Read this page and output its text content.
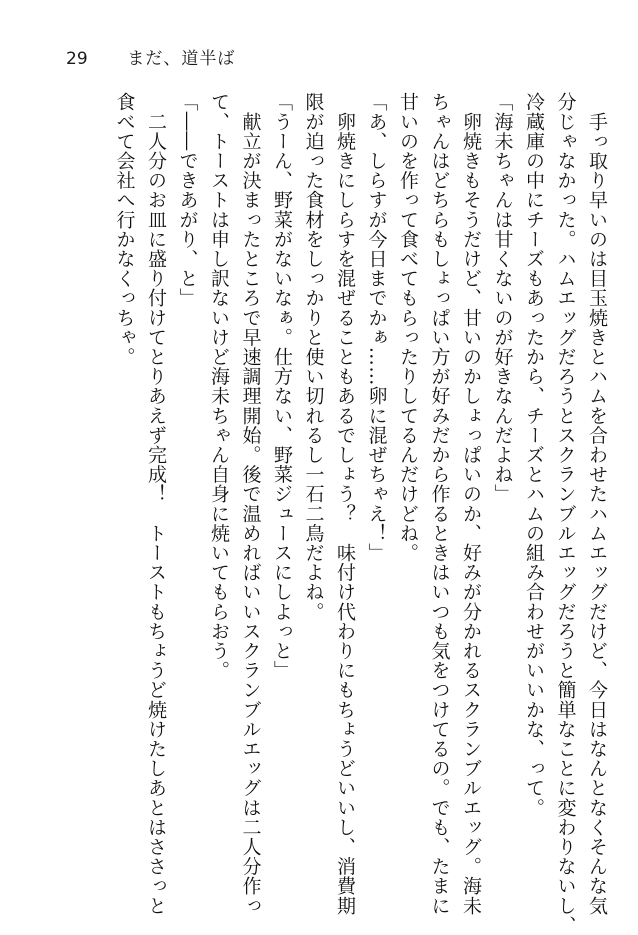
29 まだ、道半ば
　手っ取り早いのは目玉焼きとハムを合わせたハムエッグだけど、今日はなんとなくそんな気
分じゃなかった。ハムエッグだろうとスクランブルエッグだろうと簡単なことに変わりないし、
冷蔵庫の中にチーズもあったから、チーズとハムの組み合わせがいいかな、って。
「海未ちゃんは甘くないのが好きなんだよね」
　卵焼きもそうだけど、甘いのかしょっぱいのか、好みが分かれるスクランブルエッグ。海未
ちゃんはどちらもしょっぱい方が好みだから作るときはいつも気をつけてるの。でも、たまに
甘いのを作って食べてもらったりしてるんだけどね。
「あ、しらすが今日までかぁ……卵に混ぜちゃえ！」
　卵焼きにしらすを混ぜることもあるでしょう？　味付け代わりにもちょうどいいし、消費期
限が迫った食材をしっかりと使い切れるし一石二鳥だよね。
「うーん、野菜がないなぁ。仕方ない、野菜ジュースにしよっと」
　献立が決まったところで早速調理開始。後で温めればいいスクランブルエッグは二人分作っ
て、トーストは申し訳ないけど海未ちゃん自身に焼いてもらおう。
「――できあがり、と」
　二人分のお皿に盛り付けてとりあえず完成！　トーストもちょうど焼けたしあとはささっと
食べて会社へ行かなくっちゃ。
